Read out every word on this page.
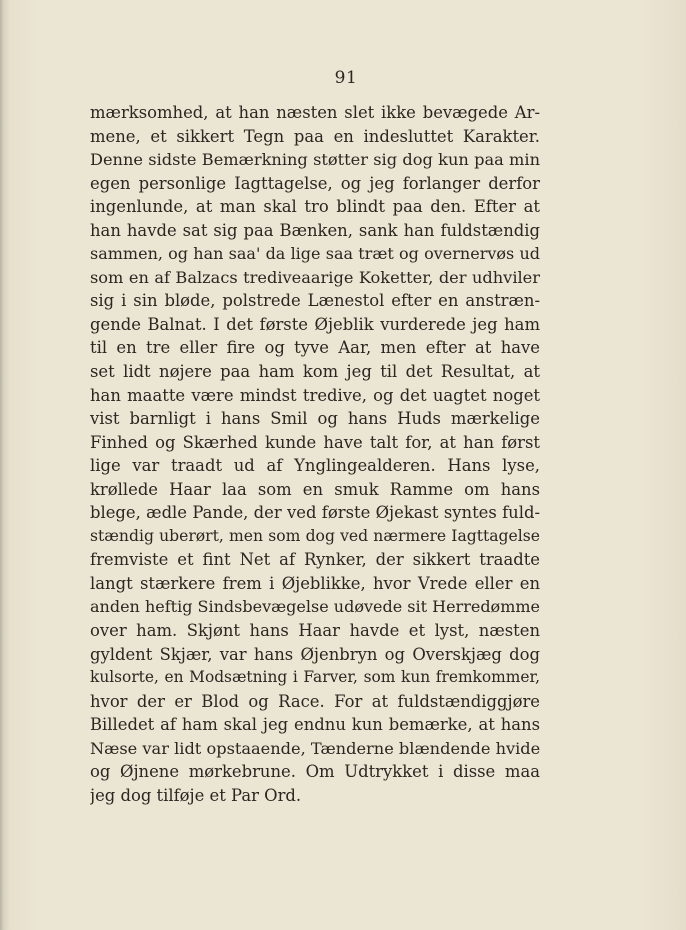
91
mærksomhed, at han næsten slet ikke bevægede Ar-
mene, et sikkert Tegn paa en indesluttet Karakter.
Denne sidste Bemærkning støtter sig dog kun paa min
egen personlige Iagttagelse, og jeg forlanger derfor
ingenlunde, at man skal tro blindt paa den. Efter at
han havde sat sig paa Bænken, sank han fuldstændig
sammen, og han saa' da lige saa træt og overnervøs ud
som en af Balzacs trediveaarige Koketter, der udhviler
sig i sin bløde, polstrede Lænestol efter en anstræn-
gende Balnat. I det første Øjeblik vurderede jeg ham
til en tre eller fire og tyve Aar, men efter at have
set lidt nøjere paa ham kom jeg til det Resultat, at
han maatte være mindst tredive, og det uagtet noget
vist barnligt i hans Smil og hans Huds mærkelige
Finhed og Skærhed kunde have talt for, at han først
lige var traadt ud af Ynglingealderen. Hans lyse,
krøllede Haar laa som en smuk Ramme om hans
blege, ædle Pande, der ved første Øjekast syntes fuld-
stændig uberørt, men som dog ved nærmere Iagttagelse
fremviste et fint Net af Rynker, der sikkert traadte
langt stærkere frem i Øjeblikke, hvor Vrede eller en
anden heftig Sindsbevægelse udøvede sit Herredømme
over ham. Skjønt hans Haar havde et lyst, næsten
gyldent Skjær, var hans Øjenbryn og Overskjæg dog
kulsorte, en Modsætning i Farver, som kun fremkommer,
hvor der er Blod og Race. For at fuldstændiggjøre
Billedet af ham skal jeg endnu kun bemærke, at hans
Næse var lidt opstaaende, Tænderne blændende hvide
og Øjnene mørkebrune. Om Udtrykket i disse maa
jeg dog tilføje et Par Ord.
